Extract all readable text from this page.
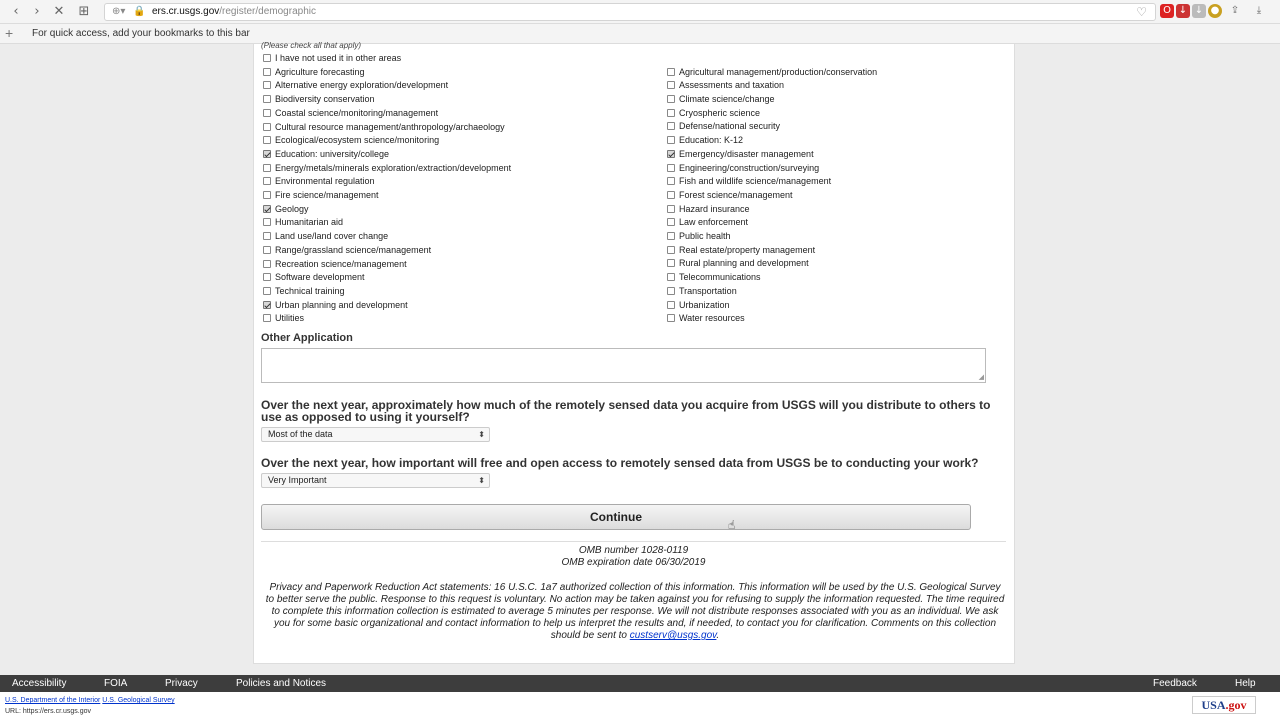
‹	›	✕ ⊞ ⊕▾ 🔒 ers.cr.usgs.gov/register/demographic	♡	O ↓ ↓ ● ⇪	⤓
+ For quick access, add your bookmarks to this bar
(Please check all that apply)
I have not used it in other areas
Agriculture forecasting
Alternative energy exploration/development
Biodiversity conservation
Coastal science/monitoring/management
Cultural resource management/anthropology/archaeology
Ecological/ecosystem science/monitoring
Education: university/college
Energy/metals/minerals exploration/extraction/development
Environmental regulation
Fire science/management
Geology
Humanitarian aid
Land use/land cover change
Range/grassland science/management
Recreation science/management
Software development
Technical training
Urban planning and development
Utilities
Agricultural management/production/conservation
Assessments and taxation
Climate science/change
Cryospheric science
Defense/national security
Education: K-12
Emergency/disaster management
Engineering/construction/surveying
Fish and wildlife science/management
Forest science/management
Hazard insurance
Law enforcement
Public health
Real estate/property management
Rural planning and development
Telecommunications
Transportation
Urbanization
Water resources
Other Application
◢
Over the next year, approximately how much of the remotely sensed data you acquire from USGS will you distribute to others to use as opposed to using it yourself?
Most of the data	⬍
Over the next year, how important will free and open access to remotely sensed data from USGS be to conducting your work?
Very Important	⬍
Continue
OMB number 1028-0119
OMB expiration date 06/30/2019
Privacy and Paperwork Reduction Act statements: 16 U.S.C. 1a7 authorized collection of this information. This information will be used by the U.S. Geological Survey to better serve the public. Response to this request is voluntary. No action may be taken against you for refusing to supply the information requested. The time required to complete this information collection is estimated to average 5 minutes per response. We will not distribute responses associated with you as an individual. We ask you for some basic organizational and contact information to help us interpret the results and, if needed, to contact you for clarification. Comments on this collection should be sent to custserv@usgs.gov.
☝
Accessibility	FOIA	Privacy	Policies and Notices	Feedback	Help
U.S. Department of the Interior U.S. Geological Survey
URL: https://ers.cr.usgs.gov	USA.gov
